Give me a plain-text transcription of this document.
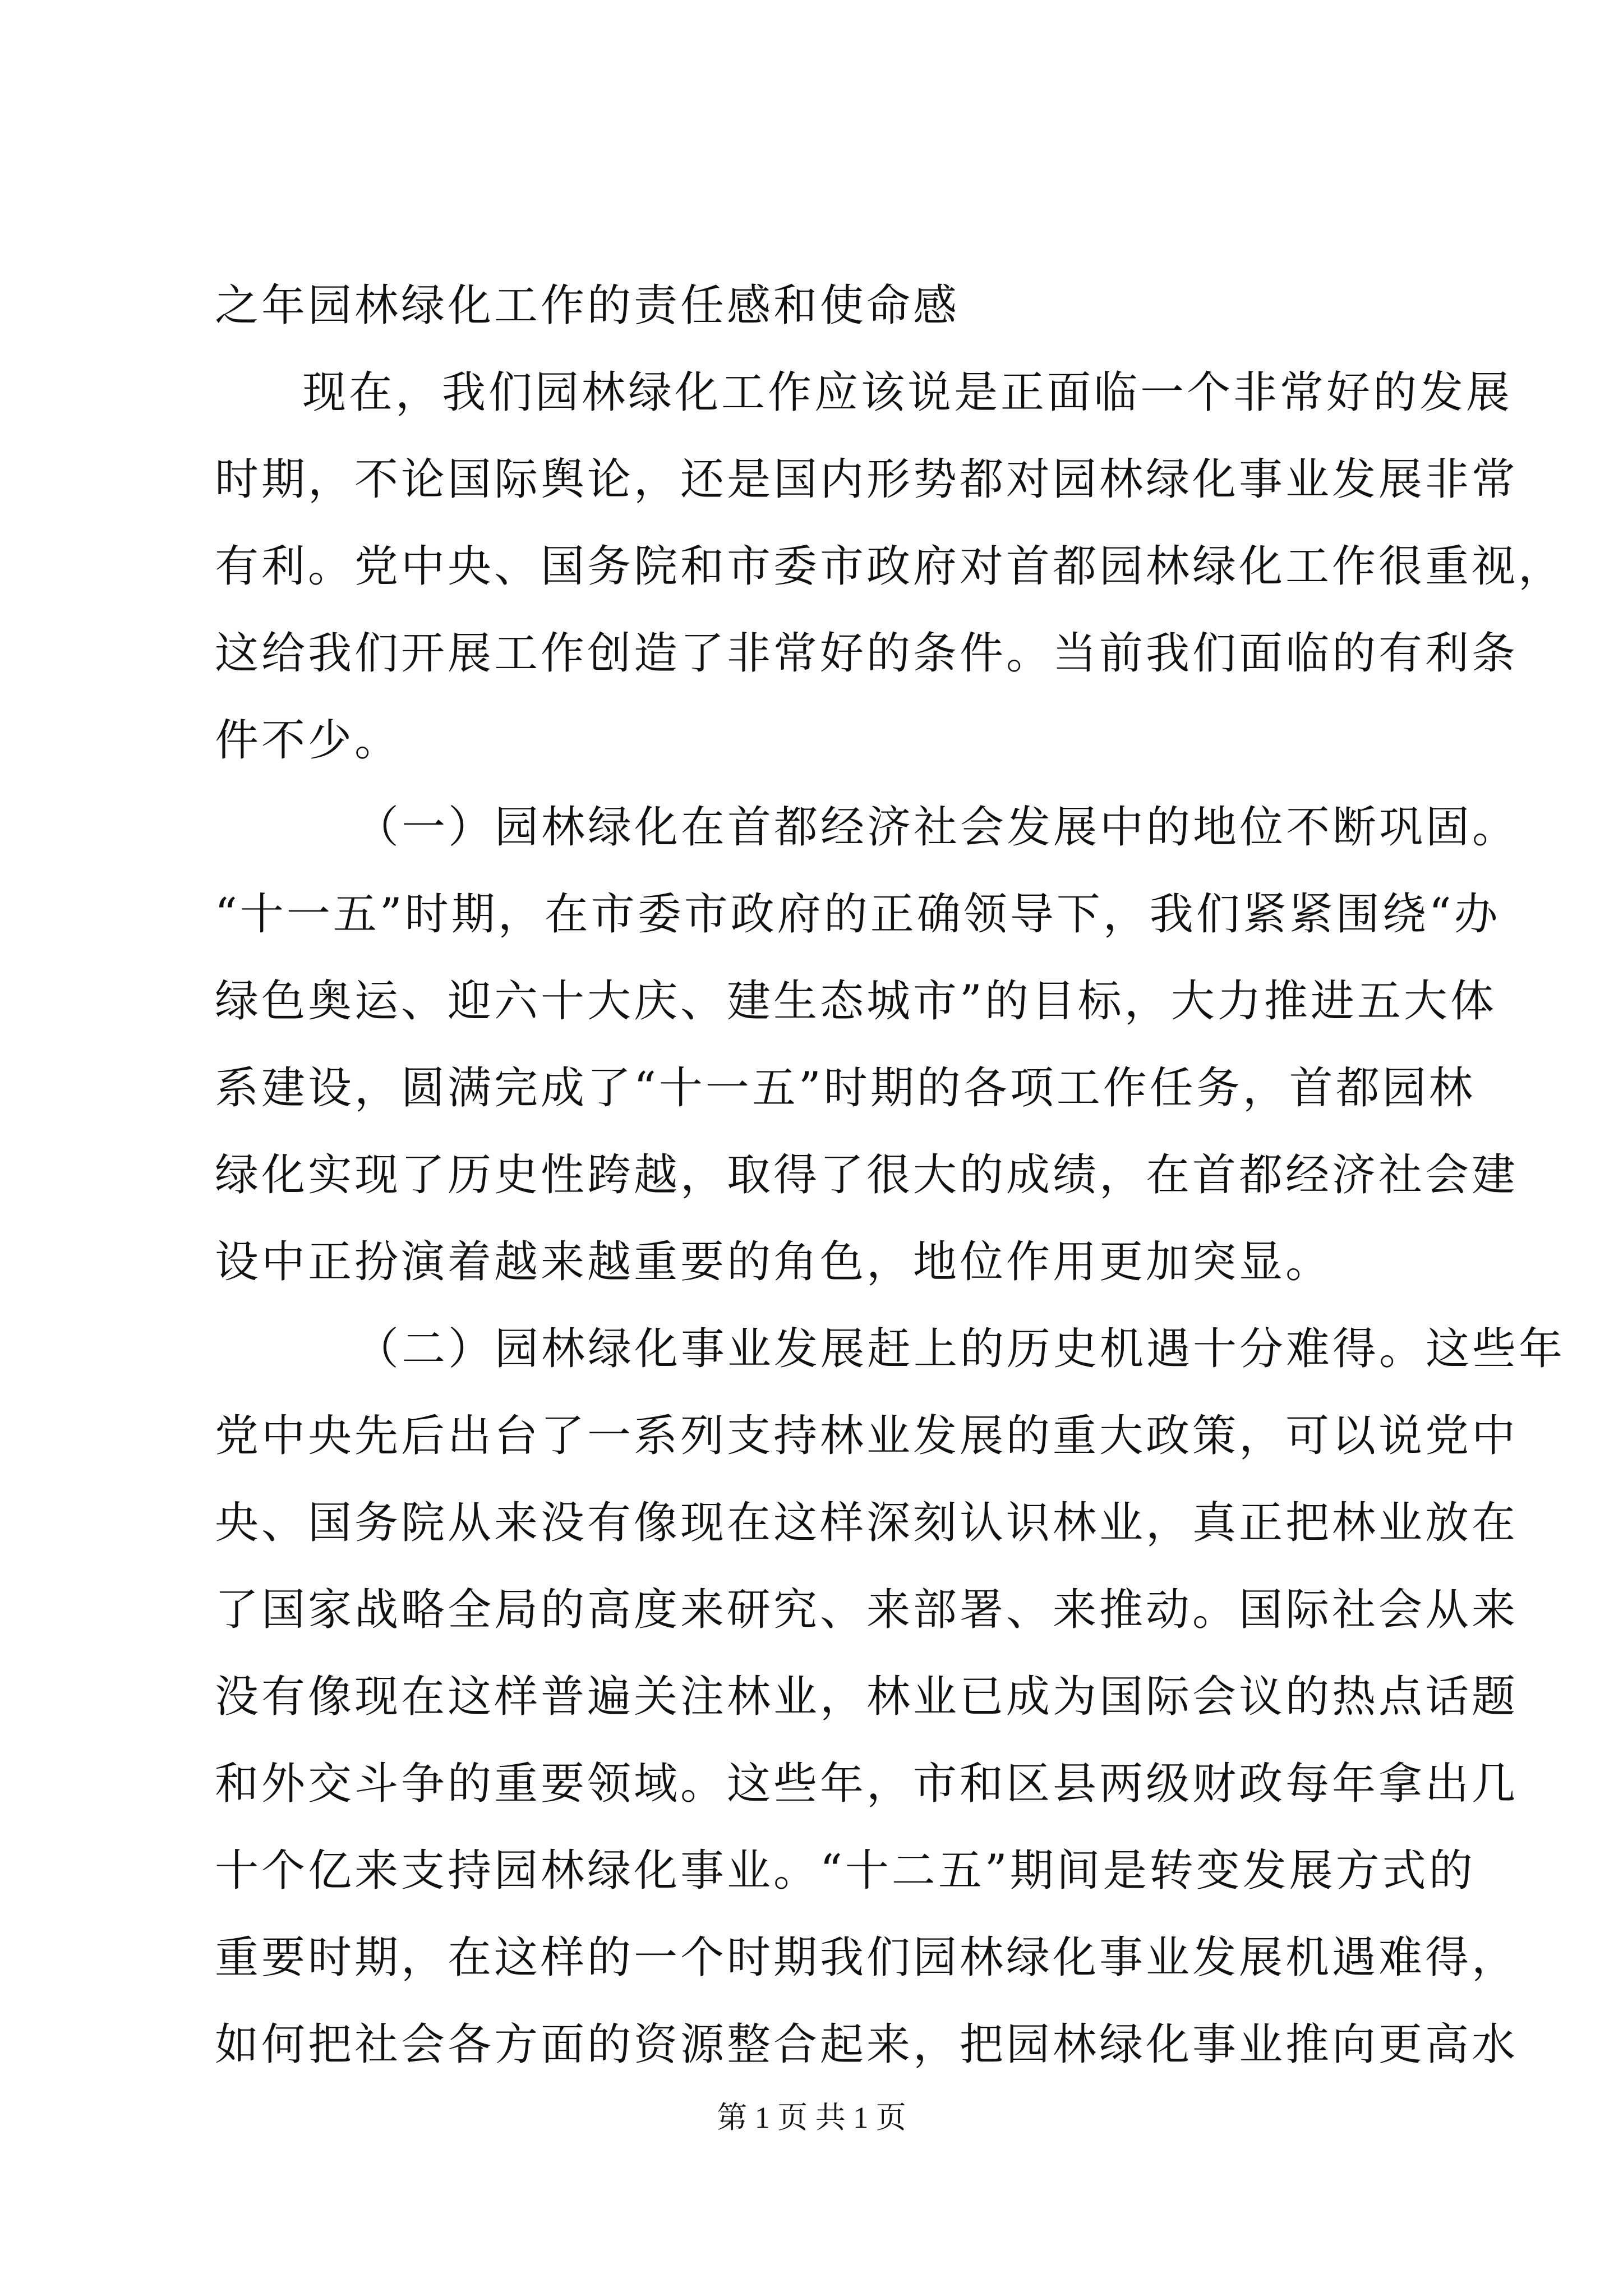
之年园林绿化工作的责任感和使命感
现在，我们园林绿化工作应该说是正面临一个非常好的发展
时期，不论国际舆论，还是国内形势都对园林绿化事业发展非常
有利。党中央、国务院和市委市政府对首都园林绿化工作很重视，
这给我们开展工作创造了非常好的条件。当前我们面临的有利条
件不少。
（一）园林绿化在首都经济社会发展中的地位不断巩固。
“十一五”时期，在市委市政府的正确领导下，我们紧紧围绕“办
绿色奥运、迎六十大庆、建生态城市”的目标，大力推进五大体
系建设，圆满完成了“十一五”时期的各项工作任务，首都园林
绿化实现了历史性跨越，取得了很大的成绩，在首都经济社会建
设中正扮演着越来越重要的角色，地位作用更加突显。
（二）园林绿化事业发展赶上的历史机遇十分难得。这些年
党中央先后出台了一系列支持林业发展的重大政策，可以说党中
央、国务院从来没有像现在这样深刻认识林业，真正把林业放在
了国家战略全局的高度来研究、来部署、来推动。国际社会从来
没有像现在这样普遍关注林业，林业已成为国际会议的热点话题
和外交斗争的重要领域。这些年，市和区县两级财政每年拿出几
十个亿来支持园林绿化事业。“十二五”期间是转变发展方式的
重要时期，在这样的一个时期我们园林绿化事业发展机遇难得，
如何把社会各方面的资源整合起来，把园林绿化事业推向更高水
第 1 页 共 1 页
